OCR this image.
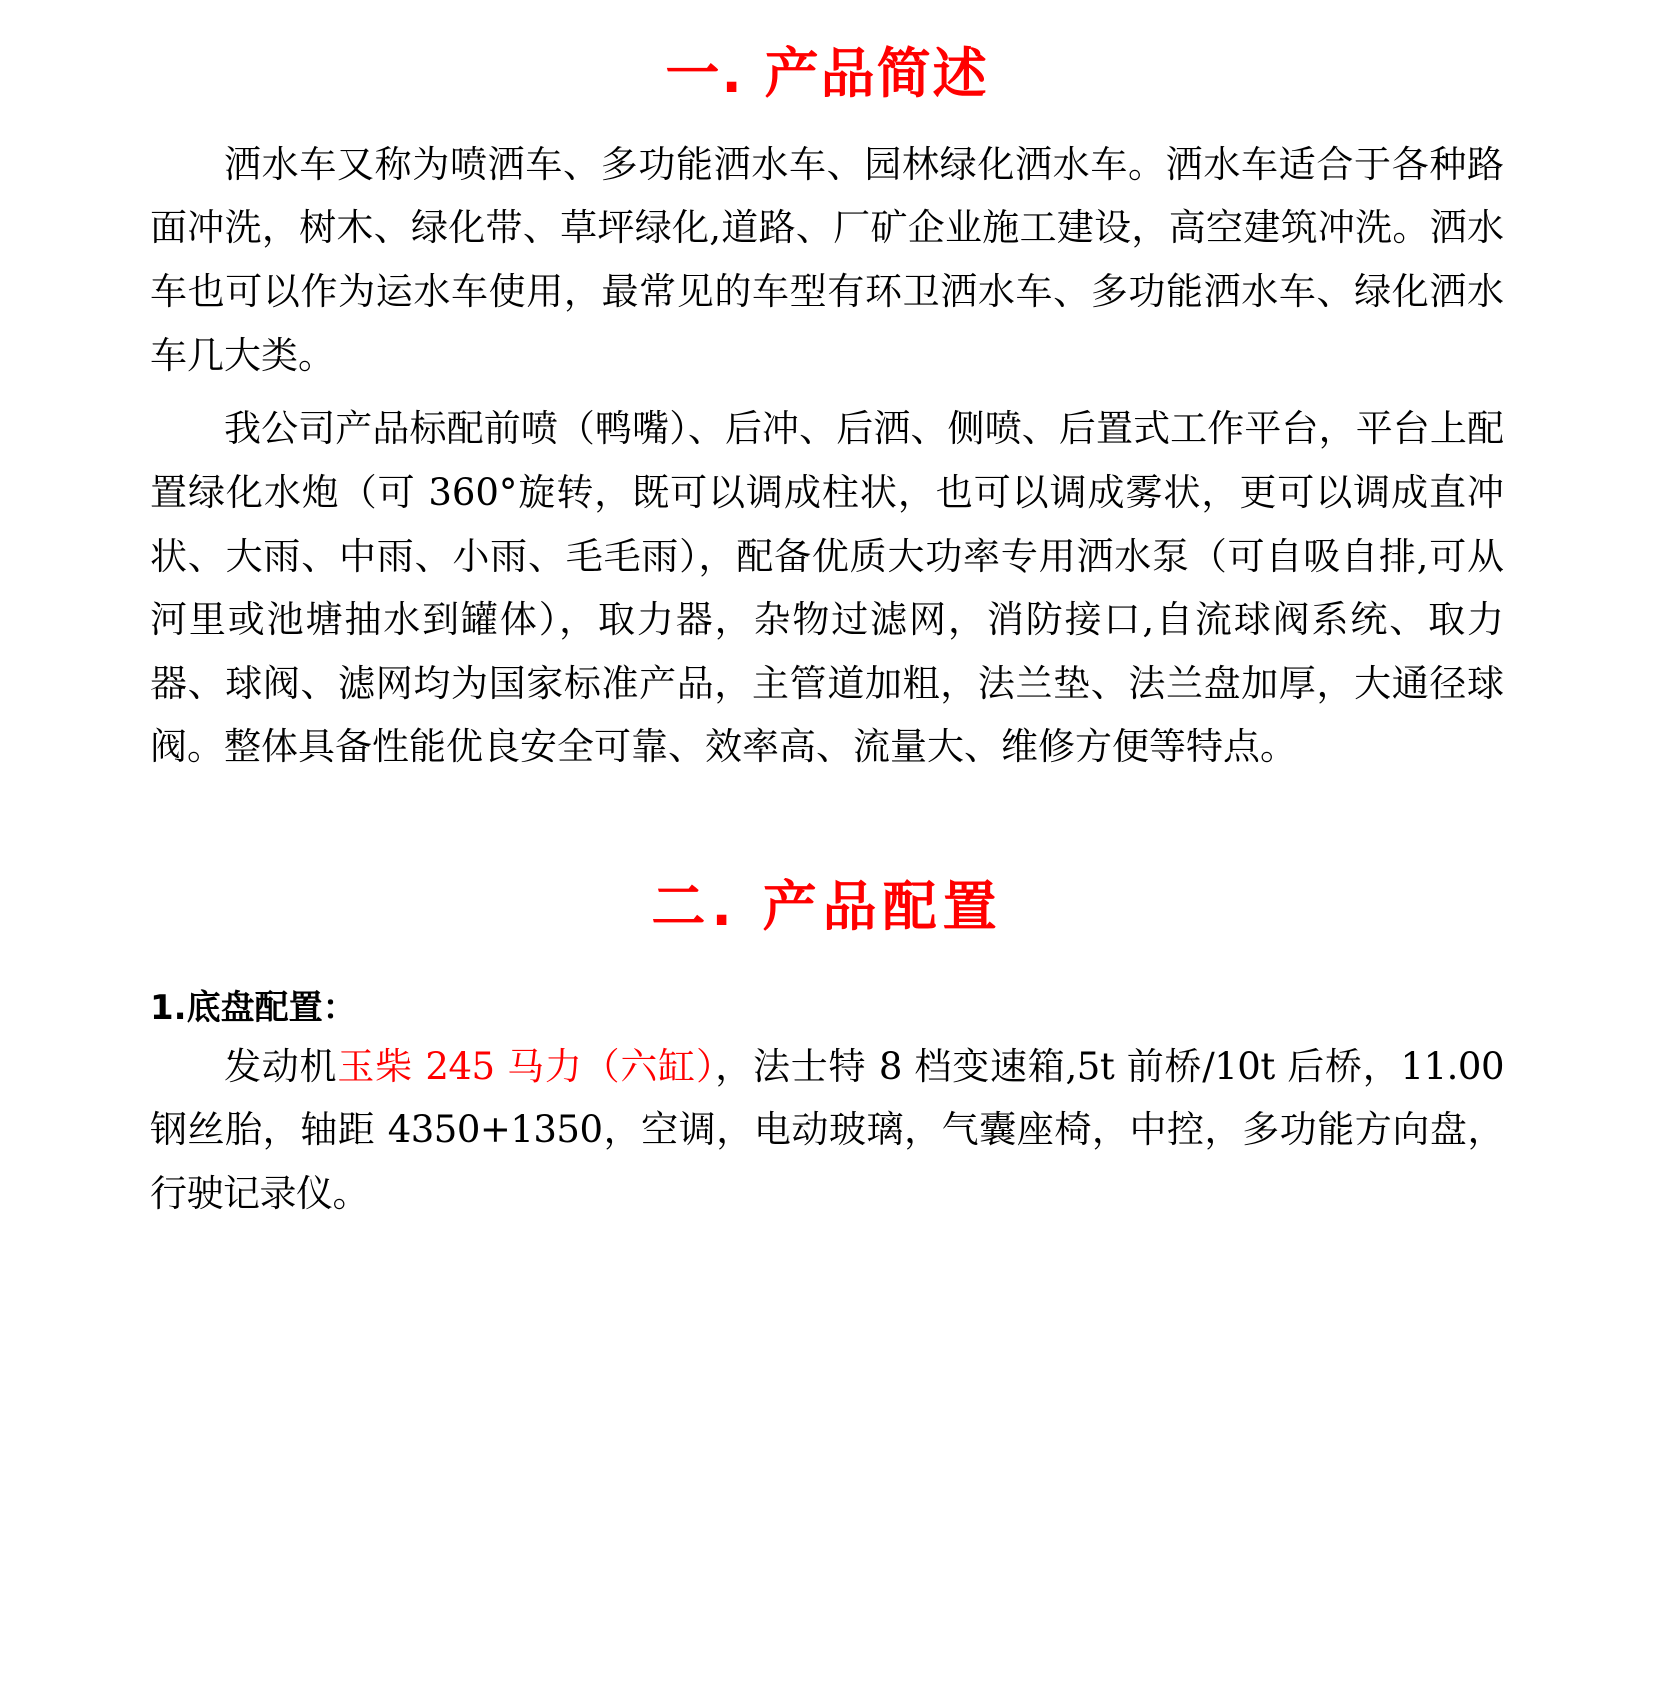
一. 产品简述

洒水车又称为喷洒车、多功能洒水车、园林绿化洒水车。洒水车适合于各种路面冲洗，树木、绿化带、草坪绿化,道路、厂矿企业施工建设，高空建筑冲洗。洒水车也可以作为运水车使用，最常见的车型有环卫洒水车、多功能洒水车、绿化洒水车几大类。

我公司产品标配前喷（鸭嘴）、后冲、后洒、侧喷、后置式工作平台，平台上配置绿化水炮（可 360°旋转，既可以调成柱状，也可以调成雾状，更可以调成直冲状、大雨、中雨、小雨、毛毛雨），配备优质大功率专用洒水泵（可自吸自排,可从河里或池塘抽水到罐体），取力器，杂物过滤网，消防接口,自流球阀系统、取力器、球阀、滤网均为国家标准产品，主管道加粗，法兰垫、法兰盘加厚，大通径球阀。整体具备性能优良安全可靠、效率高、流量大、维修方便等特点。

二. 产品配置
1.底盘配置：

发动机玉柴 245 马力（六缸），法士特 8 档变速箱,5t 前桥/10t 后桥，11.00 钢丝胎，轴距 4350+1350，空调，电动玻璃，气囊座椅，中控，多功能方向盘，行驶记录仪。
